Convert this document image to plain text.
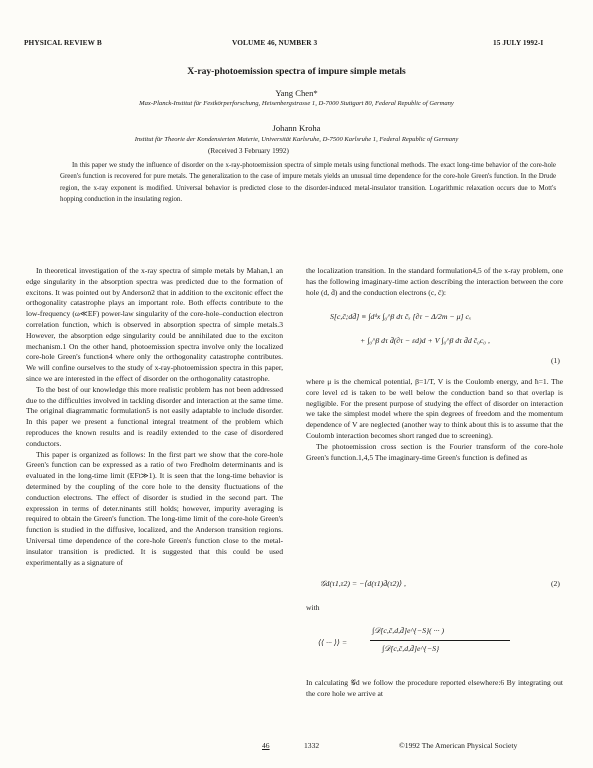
PHYSICAL REVIEW B	VOLUME 46, NUMBER 3	15 JULY 1992-I
X-ray-photoemission spectra of impure simple metals
Yang Chen*
Max-Planck-Institut für Festkörperforschung, Heisenbergstrasse 1, D-7000 Stuttgart 80, Federal Republic of Germany
Johann Kroha
Institut für Theorie der Kondensierten Materie, Universität Karlsruhe, D-7500 Karlsruhe 1, Federal Republic of Germany
(Received 3 February 1992)
In this paper we study the influence of disorder on the x-ray-photoemission spectra of simple metals using functional methods. The exact long-time behavior of the core-hole Green's function is recovered for pure metals. The generalization to the case of impure metals yields an unusual time dependence for the core-hole Green's function. In the Drude region, the x-ray exponent is modified. Universal behavior is predicted close to the disorder-induced metal-insulator transition. Logarithmic relaxation occurs due to Mott's hopping conduction in the insulating region.

In theoretical investigation of the x-ray spectra of simple metals by Mahan,1 an edge singularity in the absorption spectra was predicted due to the formation of excitons. It was pointed out by Anderson2 that in addition to the excitonic effect the orthogonality catastrophe plays an important role. Both effects contribute to the low-frequency (ω≪EF) power-law singularity of the core-hole–conduction electron correlation function, which is observed in absorption spectra of simple metals.3 However, the absorption edge singularity could be annihilated due to the exciton mechanism.1 On the other hand, photoemission spectra involve only the localized core-hole Green's function4 where only the orthogonality catastrophe contributes. We will confine ourselves to the study of x-ray-photoemission spectra in this paper, since we are interested in the effect of disorder on the orthogonality catastrophe.

To the best of our knowledge this more realistic problem has not been addressed due to the difficulties involved in tackling disorder and interaction at the same time. The original diagrammatic formulation5 is not easily adaptable to include disorder. In this paper we present a functional integral treatment of the problem which reproduces the known results and is readily extended to the case of disordered conductors.

This paper is organized as follows: In the first part we show that the core-hole Green's function can be expressed as a ratio of two Fredholm determinants and is evaluated in the long-time limit (EFt≫1). It is seen that the long-time behavior is determined by the coupling of the core hole to the density fluctuations of the conduction electrons. The effect of disorder is studied in the second part. The expression in terms of deter.ninants still holds; however, impurity averaging is required to obtain the Green's function. The long-time limit of the core-hole Green's function is studied in the diffusive, localized, and the Anderson transition regions. Universal time dependence of the core-hole Green's function close to the metal-insulator transition is predicted. It is suggested that this could be used experimentally as a signature of

the localization transition. In the standard formulation4,5 of the x-ray problem, one has the following imaginary-time action describing the interaction between the core hole (d, d̄) and the conduction electrons (c, c̄):

S[c,c̄;dd̄] ≡ ∫dᵈx ∫₀^β dτ c̄ₓ [∂τ − Δ/2m − μ] cₓ
+ ∫₀^β dτ d̄(∂τ − εd)d + V ∫₀^β dτ d̄d c̄₀c₀ ,
(1)

where μ is the chemical potential, β=1/T, V is the Coulomb energy, and ħ=1. The core level εd is taken to be well below the conduction band so that overlap is negligible. For the present purpose of studying the effect of disorder on interaction we take the simplest model where the spin degrees of freedom and the momentum dependence of V are neglected (another way to think about this is to assume that the Coulomb interaction becomes short ranged due to screening).

The photoemission cross section is the Fourier transform of the core-hole Green's function.1,4,5 The imaginary-time Green's function is defined as

𝒢d(τ1,τ2) = −⟨d(τ1)d̄(τ2)⟩ ,	(2)
with
⟨⟨ ··· ⟩⟩ =
∫𝒟[c,c̄,d,d̄]e^{−S}( ··· )
∫𝒟[c,c̄,d,d̄]e^{−S}

In calculating 𝒢d we follow the procedure reported elsewhere:6 By integrating out the core hole we arrive at

46	1332	©1992 The American Physical Society
